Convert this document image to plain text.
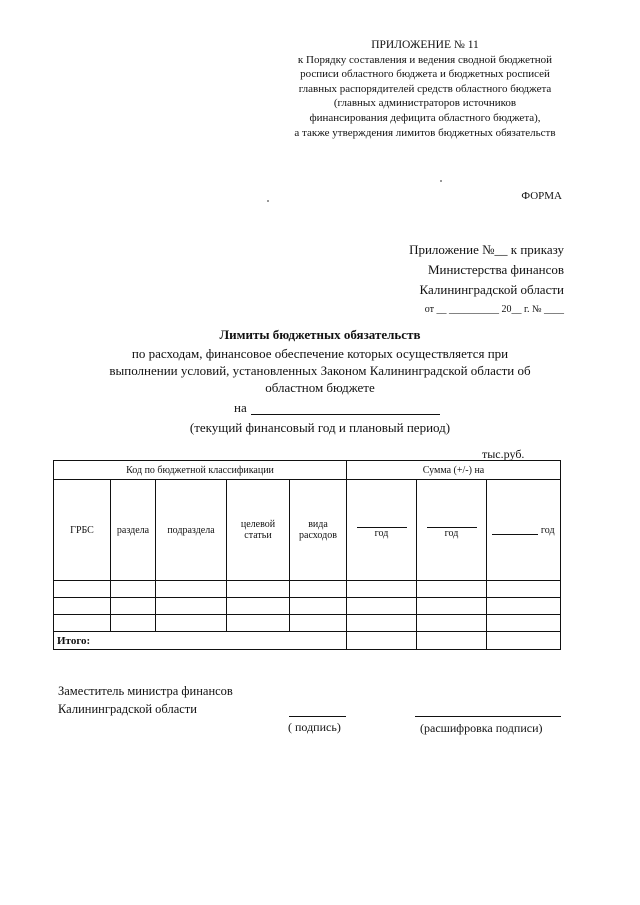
ПРИЛОЖЕНИЕ № 11
к Порядку составления и ведения сводной бюджетной
росписи областного бюджета и бюджетных росписей
главных распорядителей средств областного бюджета
(главных администраторов источников
финансирования дефицита областного бюджета),
а также утверждения лимитов бюджетных обязательств
ФОРМА
Приложение №__ к приказу
Министерства финансов
Калининградской области
от __ __________ 20__ г. № ____
Лимиты бюджетных обязательств
по расходам, финансовое обеспечение которых осуществляется при выполнении условий, установленных Законом Калининградской области об областном бюджете
на
(текущий финансовый год и плановый период)
тыс.руб.
Код по бюджетной классификации					Сумма (+/-) на		
ГРБС	раздела	подраздела	целевой статьи	вида расходов	год	год	год

Итого:							
Заместитель министра финансов
Калининградской области
( подпись)	(расшифровка подписи)
